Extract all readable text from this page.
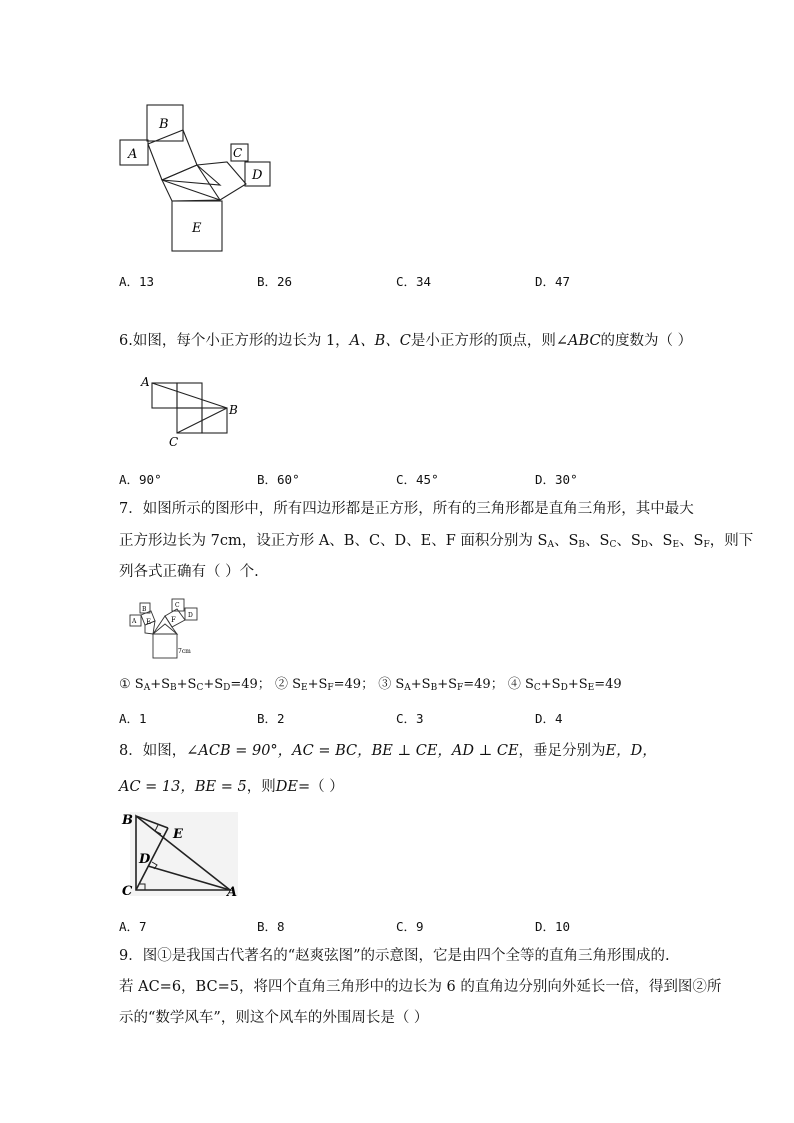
B
A	C
D
E
A．13	B．26	C．34	D．47
6.如图，每个小正方形的边长为 1，A、B、C是小正方形的顶点，则∠ABC的度数为（ ）
A
B
C
A．90°	B．60°	C．45°	D．30°
7．如图所示的图形中，所有四边形都是正方形，所有的三角形都是直角三角形，其中最大
正方形边长为 7cm，设正方形 A、B、C、D、E、F 面积分别为 $S_A$、$S_B$、$S_C$、$S_D$、$S_E$、$S_F$，则下
列各式正确有（ ）个.
B
A E
C
D
F
7cm
① $S_A+S_B+S_C+S_D=49$； ② $S_E+S_F=49$； ③ $S_A+S_B+S_F=49$； ④ $S_C+S_D+S_E=49$
A．1	B．2	C．3	D．4
8．如图，∠ACB = 90°，AC = BC，BE ⊥ CE，AD ⊥ CE，垂足分别为E，D，
AC = 13，BE = 5，则DE=（ ）
B
E
D
C	A
A．7	B．8	C．9	D．10
9．图①是我国古代著名的“赵爽弦图”的示意图，它是由四个全等的直角三角形围成的.
若 AC=6，BC=5，将四个直角三角形中的边长为 6 的直角边分别向外延长一倍，得到图②所
示的“数学风车”，则这个风车的外围周长是（ ）
